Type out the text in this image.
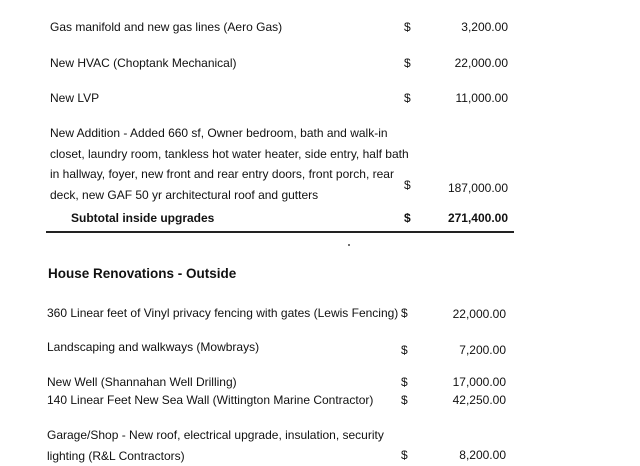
Gas manifold and new gas lines (Aero Gas)	$	3,200.00
New HVAC (Choptank Mechanical)	$	22,000.00
New LVP	$	11,000.00
New Addition - Added 660 sf, Owner bedroom, bath and walk-in
closet, laundry room, tankless hot water heater, side entry, half bath
in hallway, foyer, new front and rear entry doors, front porch, rear
deck, new GAF 50 yr architectural roof and gutters
$	187,000.00
Subtotal inside upgrades	$	271,400.00
House Renovations - Outside
360 Linear feet of Vinyl privacy fencing with gates (Lewis Fencing) $	22,000.00
Landscaping and walkways (Mowbrays)	$	7,200.00
New Well (Shannahan Well Drilling)	$	17,000.00
140 Linear Feet New Sea Wall (Wittington Marine Contractor) $	42,250.00
Garage/Shop - New roof, electrical upgrade, insulation, security
lighting (R&L Contractors)	$	8,200.00
